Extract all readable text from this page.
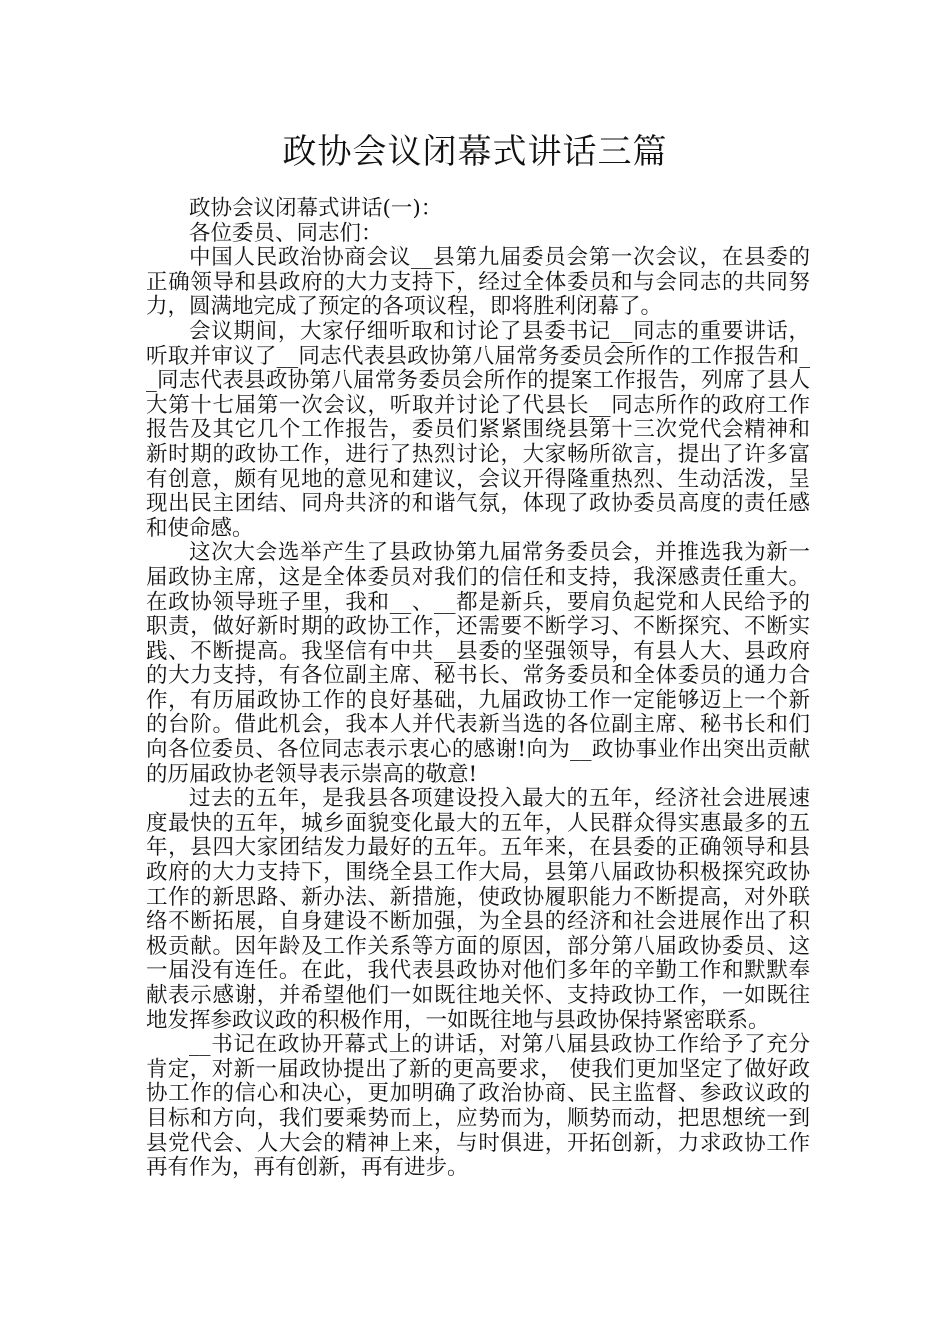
政协会议闭幕式讲话三篇

政协会议闭幕式讲话(一)：

各位委员、同志们：

中国人民政治协商会议__县第九届委员会第一次会议，在县委的正确领导和县政府的大力支持下，经过全体委员和与会同志的共同努力，圆满地完成了预定的各项议程，即将胜利闭幕了。

会议期间，大家仔细听取和讨论了县委书记__同志的重要讲话，听取并审议了__同志代表县政协第八届常务委员会所作的工作报告和__同志代表县政协第八届常务委员会所作的提案工作报告，列席了县人大第十七届第一次会议，听取并讨论了代县长__同志所作的政府工作报告及其它几个工作报告，委员们紧紧围绕县第十三次党代会精神和新时期的政协工作，进行了热烈讨论，大家畅所欲言，提出了许多富有创意，颇有见地的意见和建议，会议开得隆重热烈、生动活泼，呈现出民主团结、同舟共济的和谐气氛，体现了政协委员高度的责任感和使命感。

这次大会选举产生了县政协第九届常务委员会，并推选我为新一届政协主席，这是全体委员对我们的信任和支持，我深感责任重大。在政协领导班子里，我和__、__都是新兵，要肩负起党和人民给予的职责，做好新时期的政协工作，还需要不断学习、不断探究、不断实践、不断提高。我坚信有中共__县委的坚强领导，有县人大、县政府的大力支持，有各位副主席、秘书长、常务委员和全体委员的通力合作，有历届政协工作的良好基础，九届政协工作一定能够迈上一个新的台阶。借此机会，我本人并代表新当选的各位副主席、秘书长和们向各位委员、各位同志表示衷心的感谢!向为__政协事业作出突出贡献的历届政协老领导表示崇高的敬意!

过去的五年，是我县各项建设投入最大的五年，经济社会进展速度最快的五年，城乡面貌变化最大的五年，人民群众得实惠最多的五年，县四大家团结发力最好的五年。五年来，在县委的正确领导和县政府的大力支持下，围绕全县工作大局，县第八届政协积极探究政协工作的新思路、新办法、新措施，使政协履职能力不断提高，对外联络不断拓展，自身建设不断加强，为全县的经济和社会进展作出了积极贡献。因年龄及工作关系等方面的原因，部分第八届政协委员、这一届没有连任。在此，我代表县政协对他们多年的辛勤工作和默默奉献表示感谢，并希望他们一如既往地关怀、支持政协工作，一如既往地发挥参政议政的积极作用，一如既往地与县政协保持紧密联系。

__书记在政协开幕式上的讲话，对第八届县政协工作给予了充分肯定，对新一届政协提出了新的更高要求， 使我们更加坚定了做好政协工作的信心和决心，更加明确了政治协商、民主监督、参政议政的目标和方向，我们要乘势而上，应势而为，顺势而动，把思想统一到县党代会、人大会的精神上来，与时俱进，开拓创新，力求政协工作再有作为，再有创新，再有进步。
